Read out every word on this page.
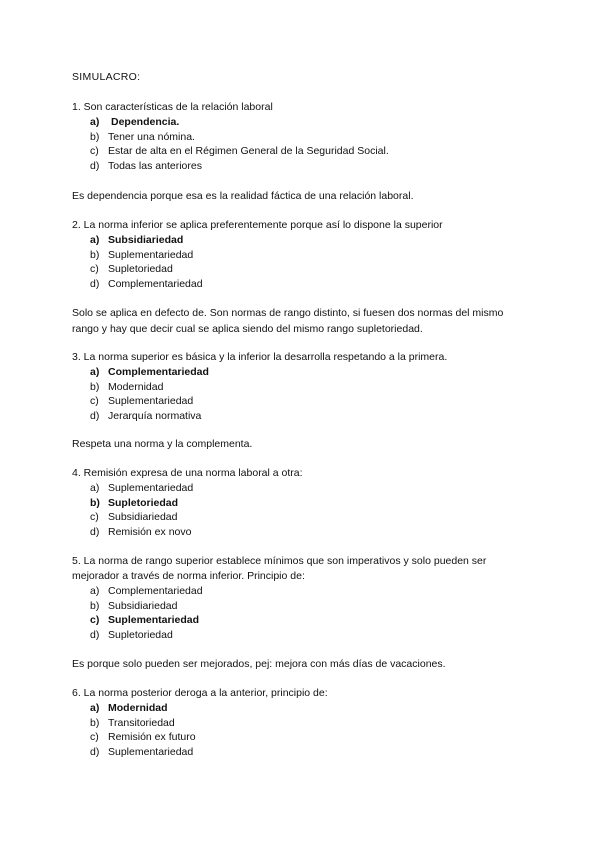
SIMULACRO:
1. Son características de la relación laboral
a) Dependencia.
b) Tener una nómina.
c) Estar de alta en el Régimen General de la Seguridad Social.
d) Todas las anteriores
Es dependencia porque esa es la realidad fáctica de una relación laboral.
2. La norma inferior se aplica preferentemente porque así lo dispone la superior
a) Subsidiariedad
b) Suplementariedad
c) Supletoriedad
d) Complementariedad
Solo se aplica en defecto de. Son normas de rango distinto, si fuesen dos normas del mismo rango y hay que decir cual se aplica siendo del mismo rango supletoriedad.
3. La norma superior es básica y la inferior la desarrolla respetando a la primera.
a) Complementariedad
b) Modernidad
c) Suplementariedad
d) Jerarquía normativa
Respeta una norma y la complementa.
4. Remisión expresa de una norma laboral a otra:
a) Suplementariedad
b) Supletoriedad
c) Subsidiariedad
d) Remisión ex novo
5. La norma de rango superior establece mínimos que son imperativos y solo pueden ser mejorador a través de norma inferior. Principio de:
a) Complementariedad
b) Subsidiariedad
c) Suplementariedad
d) Supletoriedad
Es porque solo pueden ser mejorados, pej: mejora con más días de vacaciones.
6. La norma posterior deroga a la anterior, principio de:
a) Modernidad
b) Transitoriedad
c) Remisión ex futuro
d) Suplementariedad
